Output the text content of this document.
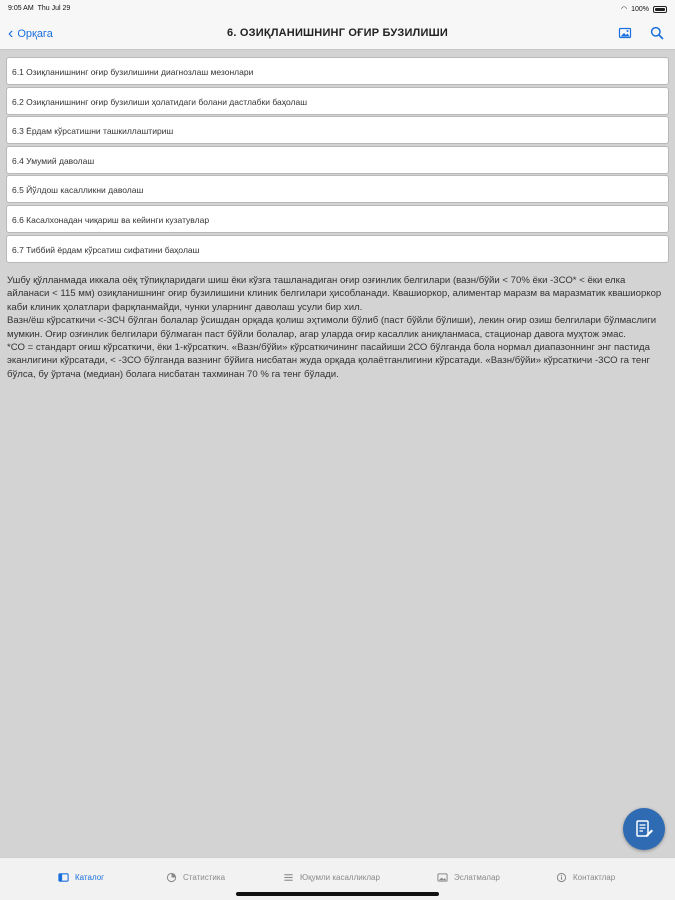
9:05 AM Thu Jul 29	◠ 100%
‹ Орқага	6. ОЗИҚЛАНИШНИНГ ОҒИР БУЗИЛИШИ
6.1 Озиқланишнинг оғир бузилишини диагнозлаш мезонлари
6.2 Озиқланишнинг оғир бузилиши ҳолатидаги болани дастлабки баҳолаш
6.3 Ёрдам кўрсатишни ташкиллаштириш
6.4 Умумий даволаш
6.5 Йўлдош касалликни даволаш
6.6 Касалхонадан чиқариш ва кейинги кузатувлар
6.7 Тиббий ёрдам кўрсатиш сифатини баҳолаш

Ушбу қўлланмада иккала оёқ тўпиқларидаги шиш ёки кўзга ташланадиган оғир озғинлик белгилари (вазн/бўйи < 70% ёки -3СО* < ёки елка айланаси < 115 мм) озиқланишнинг оғир бузилишини клиник белгилари ҳисобланади. Квашиоркор, алиментар маразм ва маразматик квашиоркор каби клиник ҳолатлари фарқланмайди, чунки уларнинг даволаш усули бир хил.

Вазн/ёш кўрсаткичи <-3СЧ бўлган болалар ўсишдан орқада қолиш эҳтимоли бўлиб (паст бўйли бўлиши), лекин оғир озиш белгилари бўлмаслиги мумкин. Оғир озғинлик белгилари бўлмаган паст бўйли болалар, агар уларда оғир касаллик аниқланмаса, стационар давога муҳтож эмас.

*СО = стандарт оғиш кўрсаткичи, ёки 1-кўрсаткич. «Вазн/бўйи» кўрсаткичининг пасайиши 2СО бўлганда бола нормал диапазоннинг энг пастида эканлигини кўрсатади, < -3СО бўлганда вазнинг бўйига нисбатан жуда орқада қолаётганлигини кўрсатади. «Вазн/бўйи» кўрсаткичи -3СО га тенг бўлса, бу ўртача (медиан) болага нисбатан тахминан 70 % га тенг бўлади.

Каталог	Статистика	Юқумли касалликлар	Эслатмалар	Контактлар
